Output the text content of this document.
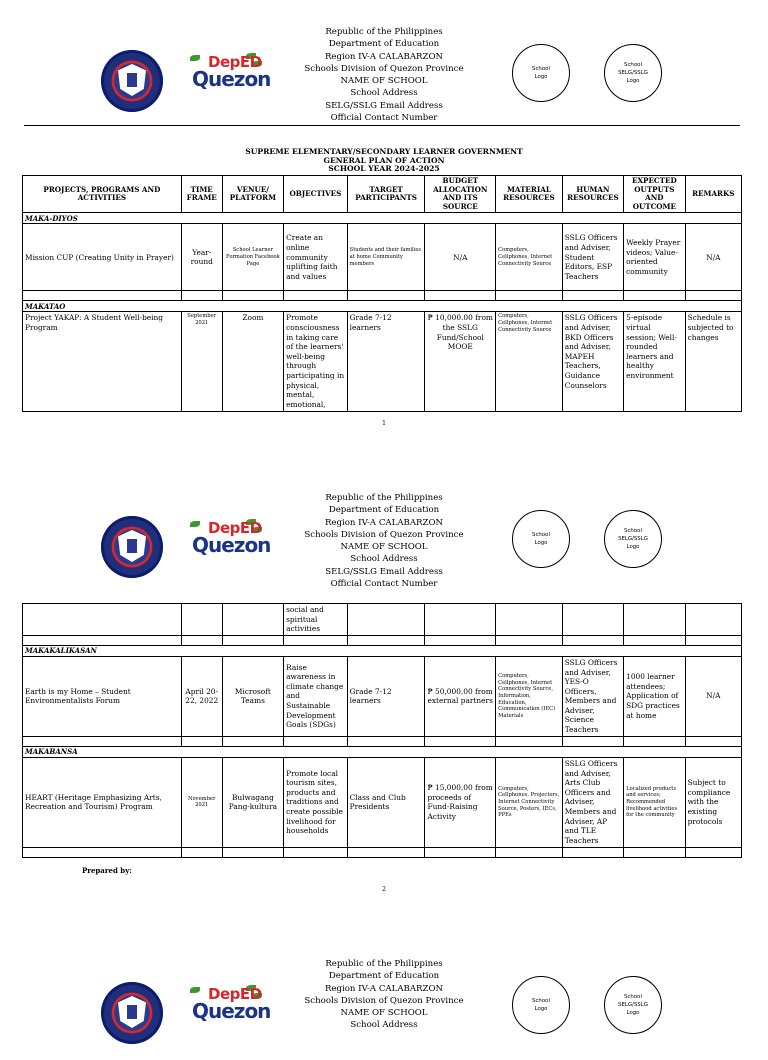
DepED
Quezon
Republic of the Philippines
Department of Education
Region IV-A CALABARZON
Schools Division of Quezon Province
NAME OF SCHOOL
School Address
SELG/SSLG Email Address
Official Contact Number
School Logo
School SELG/SSLG Logo
SUPREME ELEMENTARY/SECONDARY LEARNER GOVERNMENT
GENERAL PLAN OF ACTION
SCHOOL YEAR 2024-2025
PROJECTS, PROGRAMS AND ACTIVITIES	TIME FRAME	VENUE/ PLATFORM	OBJECTIVES	TARGET PARTICIPANTS	BUDGET ALLOCATION AND ITS SOURCE	MATERIAL RESOURCES	HUMAN RESOURCES	EXPECTED OUTPUTS AND OUTCOME	REMARKS
MAKA-DIYOS									
Mission CUP (Creating Unity in Prayer)	Year-round	School Learner Formation Facebook Page	Create an online community uplifting faith and values	Students and their families at home Community members	N/A	Computers, Cellphones, Internet Connectivity Source	SSLG Officers and Adviser, Student Editors, ESP Teachers	Weekly Prayer videos; Value-oriented community	N/A

MAKATAO									
Project YAKAP: A Student Well-being Program	September 2021	Zoom	Promote consciousness in taking care of the learners' well-being through participating in physical, mental, emotional,	Grade 7-12 learners	₱ 10,000.00 from the SSLG Fund/School MOOE	Computers, Cellphones, Internet Connectivity Source	SSLG Officers and Adviser, BKD Officers and Adviser, MAPEH Teachers, Guidance Counselors	5-episode virtual session; Well-rounded learners and healthy environment	Schedule is subjected to changes
1
DepED
Quezon
Republic of the Philippines
Department of Education
Region IV-A CALABARZON
Schools Division of Quezon Province
NAME OF SCHOOL
School Address
SELG/SSLG Email Address
Official Contact Number
School Logo
School SELG/SSLG Logo
			social and spiritual activities						

MAKAKALIKASAN									
Earth is my Home – Student Environmentalists Forum	April 20-22, 2022	Microsoft Teams	Raise awareness in climate change and Sustainable Development Goals (SDGs)	Grade 7-12 learners	₱ 50,000.00 from external partners	Computers, Cellphones, Internet Connectivity Source, Information, Education, Communication (IEC) Materials	SSLG Officers and Adviser, YES-O Officers, Members and Adviser, Science Teachers	1000 learner attendees; Application of SDG practices at home	N/A

MAKABANSA									
HEART (Heritage Emphasizing Arts, Recreation and Tourism) Program	November 2021	Bulwagang Pang-kultura	Promote local tourism sites, products and traditions and create possible livelihood for households	Class and Club Presidents	₱ 15,000.00 from proceeds of Fund-Raising Activity	Computers, Cellphones, Projectors, Internet Connectivity Source, Posters, IECs, PPEs	SSLG Officers and Adviser, Arts Club Officers and Adviser, Members and Adviser, AP and TLE Teachers	Localized products and services; Recommended livelihood activities for the community	Subject to compliance with the existing protocols

Prepared by:
2
DepED
Quezon
Republic of the Philippines
Department of Education
Region IV-A CALABARZON
Schools Division of Quezon Province
NAME OF SCHOOL
School Address
School Logo
School SELG/SSLG Logo
